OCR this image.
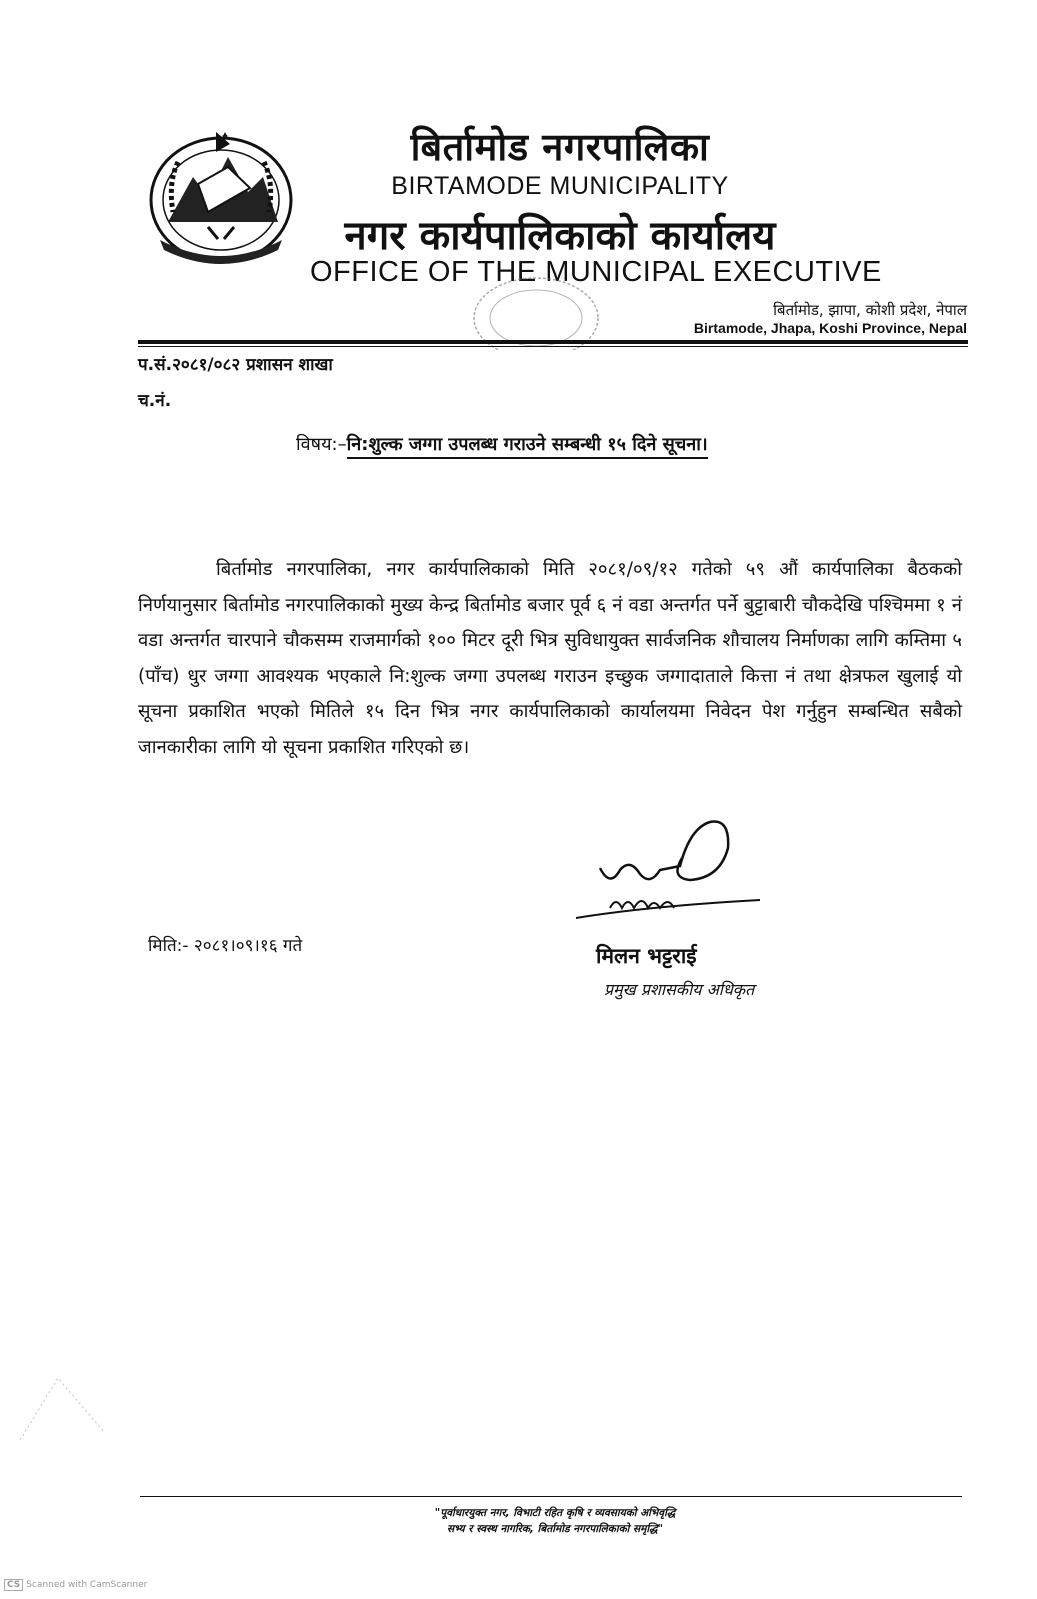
बिर्तामोड नगरपालिका
BIRTAMODE MUNICIPALITY
नगर कार्यपालिकाको कार्यालय
OFFICE OF THE MUNICIPAL EXECUTIVE
बिर्तामोड, झापा, कोशी प्रदेश, नेपाल
Birtamode, Jhapa, Koshi Province, Nepal
प.सं.२०८१/०८२ प्रशासन शाखा
च.नं.
विषय:–नि:शुल्क जग्गा उपलब्ध गराउने सम्बन्धी १५ दिने सूचना।
बिर्तामोड नगरपालिका, नगर कार्यपालिकाको मिति २०८१/०९/१२ गतेको ५९ औं कार्यपालिका बैठकको निर्णयानुसार बिर्तामोड नगरपालिकाको मुख्य केन्द्र बिर्तामोड बजार पूर्व ६ नं वडा अन्तर्गत पर्ने बुट्टाबारी चौकदेखि पश्चिममा १ नं वडा अन्तर्गत चारपाने चौकसम्म राजमार्गको १०० मिटर दूरी भित्र सुविधायुक्त सार्वजनिक शौचालय निर्माणका लागि कम्तिमा ५ (पाँच) धुर जग्गा आवश्यक भएकाले नि:शुल्क जग्गा उपलब्ध गराउन इच्छुक जग्गादाताले कित्ता नं तथा क्षेत्रफल खुलाई यो सूचना प्रकाशित भएको मितिले १५ दिन भित्र नगर कार्यपालिकाको कार्यालयमा निवेदन पेश गर्नुहुन सम्बन्धित सबैको जानकारीका लागि यो सूचना प्रकाशित गरिएको छ।
मिति:- २०८१।०९।१६ गते	मिलन भट्टराई
प्रमुख प्रशासकीय अधिकृत
"पूर्वाधारयुक्त नगर, विभाटी रहित कृषि र व्यवसायको अभिवृद्धि
सभ्य र स्वस्थ नागरिक, बिर्तामोड नगरपालिकाको समृद्धि"
CS Scanned with CamScanner
